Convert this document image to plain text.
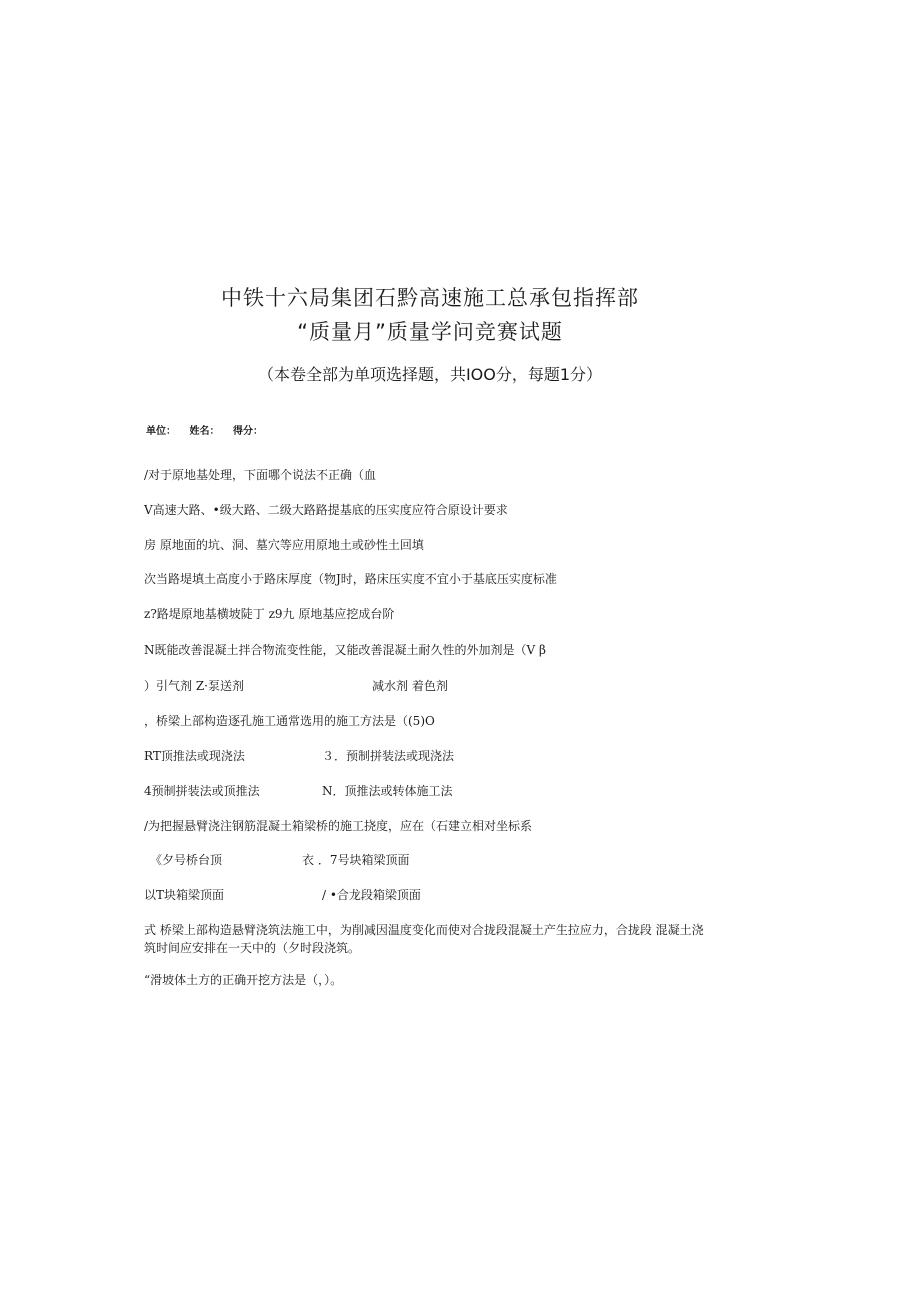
中铁十六局集团石黔高速施工总承包指挥部
“质量月”质量学问竞赛试题
（本卷全部为单项选择题，共IOO分，每题1分）
单位： 姓名： 得分：
/对于原地基处理，下面哪个说法不正确（血
V高速大路、•级大路、二级大路路提基底的压实度应符合原设计要求
房 原地面的坑、洞、墓穴等应用原地土或砂性土回填
次当路堤填土高度小于路床厚度（物J时，路床压实度不宜小于基底压实度标准
z?路堤原地基横坡陡丁 z9九 原地基应挖成台阶
N既能改善混凝土拌合物流变性能，又能改善混凝土耐久性的外加剂是（V β
）引气剂 Z·泵送剂	减水剂 着色剂
，桥梁上部构造逐孔施工通常选用的施工方法是（(5)O
RT顶推法或现浇法	３．预制拼装法或现浇法
4预制拼装法或顶推法	N．顶推法或转体施工法
/为把握悬臂浇注钢筋混凝土箱梁桥的施工挠度，应在（石建立相对坐标系
《夕号桥台顶	衣 ．7号块箱梁顶面
以T块箱梁顶面	/ •合龙段箱梁顶面
式 桥梁上部构造悬臂浇筑法施工中，为削减因温度变化而使对合拢段混凝土产生拉应力，合拢段 混凝土浇筑时间应安排在一天中的（夕时段浇筑。
“滑坡体土方的正确开挖方法是（，）。
